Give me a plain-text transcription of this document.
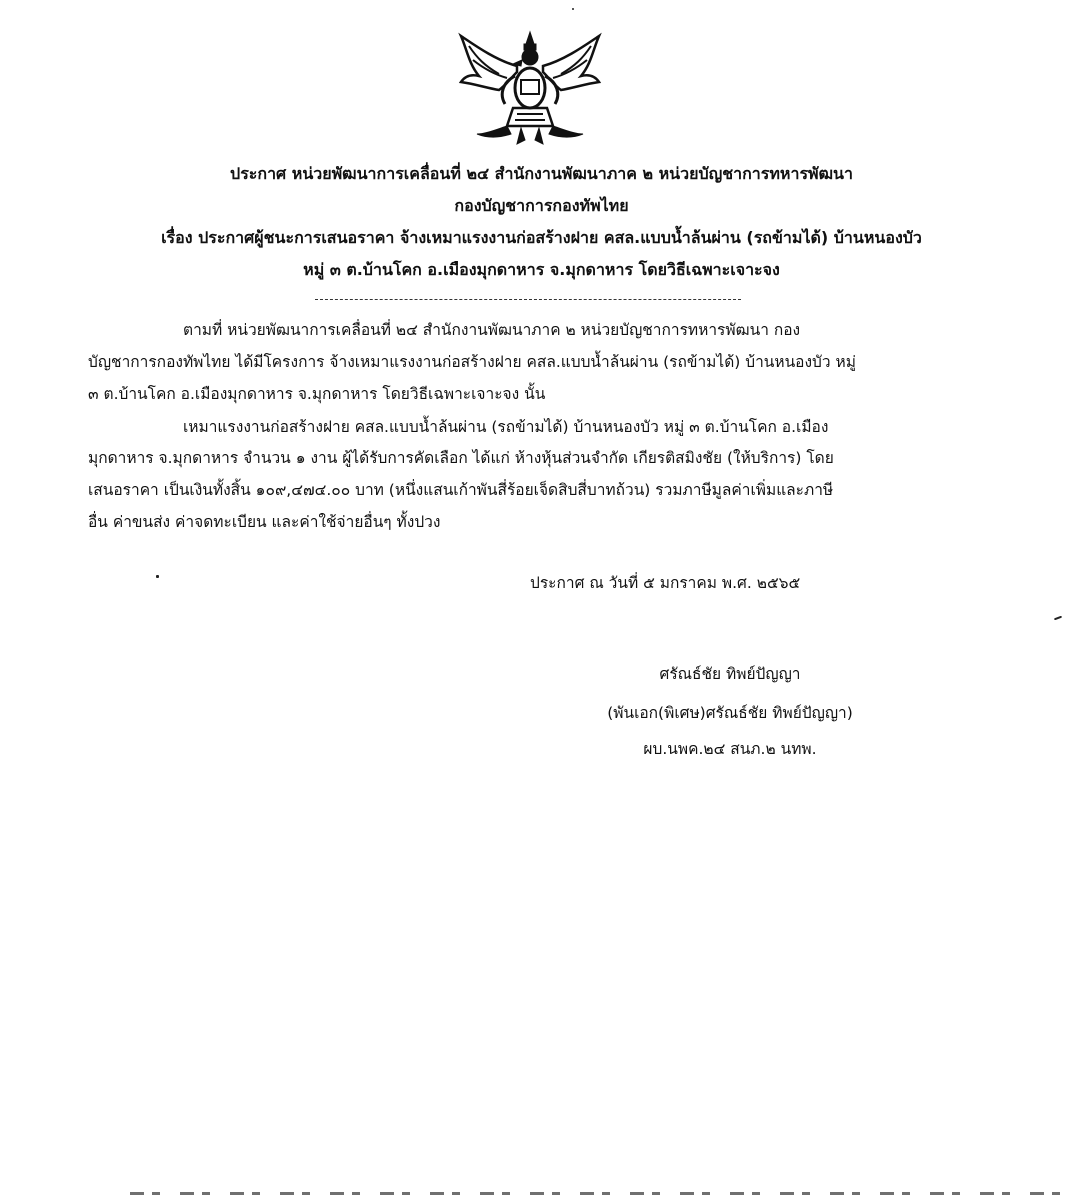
ประกาศ หน่วยพัฒนาการเคลื่อนที่ ๒๔ สำนักงานพัฒนาภาค ๒ หน่วยบัญชาการทหารพัฒนา
กองบัญชาการกองทัพไทย
เรื่อง ประกาศผู้ชนะการเสนอราคา จ้างเหมาแรงงานก่อสร้างฝาย คสล.แบบน้ำล้นผ่าน (รถข้ามได้) บ้านหนองบัว
หมู่ ๓ ต.บ้านโคก อ.เมืองมุกดาหาร จ.มุกดาหาร โดยวิธีเฉพาะเจาะจง
ตามที่ หน่วยพัฒนาการเคลื่อนที่ ๒๔ สำนักงานพัฒนาภาค ๒ หน่วยบัญชาการทหารพัฒนา กอง
บัญชาการกองทัพไทย ได้มีโครงการ จ้างเหมาแรงงานก่อสร้างฝาย คสล.แบบน้ำล้นผ่าน (รถข้ามได้) บ้านหนองบัว หมู่
๓ ต.บ้านโคก อ.เมืองมุกดาหาร จ.มุกดาหาร โดยวิธีเฉพาะเจาะจง นั้น
เหมาแรงงานก่อสร้างฝาย คสล.แบบน้ำล้นผ่าน (รถข้ามได้) บ้านหนองบัว หมู่ ๓ ต.บ้านโคก อ.เมือง
มุกดาหาร จ.มุกดาหาร จำนวน ๑ งาน ผู้ได้รับการคัดเลือก ได้แก่ ห้างหุ้นส่วนจำกัด เกียรติสมิงชัย (ให้บริการ) โดย
เสนอราคา เป็นเงินทั้งสิ้น ๑๐๙,๔๗๔.๐๐ บาท (หนึ่งแสนเก้าพันสี่ร้อยเจ็ดสิบสี่บาทถ้วน) รวมภาษีมูลค่าเพิ่มและภาษี
อื่น ค่าขนส่ง ค่าจดทะเบียน และค่าใช้จ่ายอื่นๆ ทั้งปวง
ประกาศ ณ วันที่ ๕ มกราคม พ.ศ. ๒๕๖๕
ศรัณธ์ชัย ทิพย์ปัญญา
(พันเอก(พิเศษ)ศรัณธ์ชัย ทิพย์ปัญญา)
ผบ.นพค.๒๔ สนภ.๒ นทพ.
